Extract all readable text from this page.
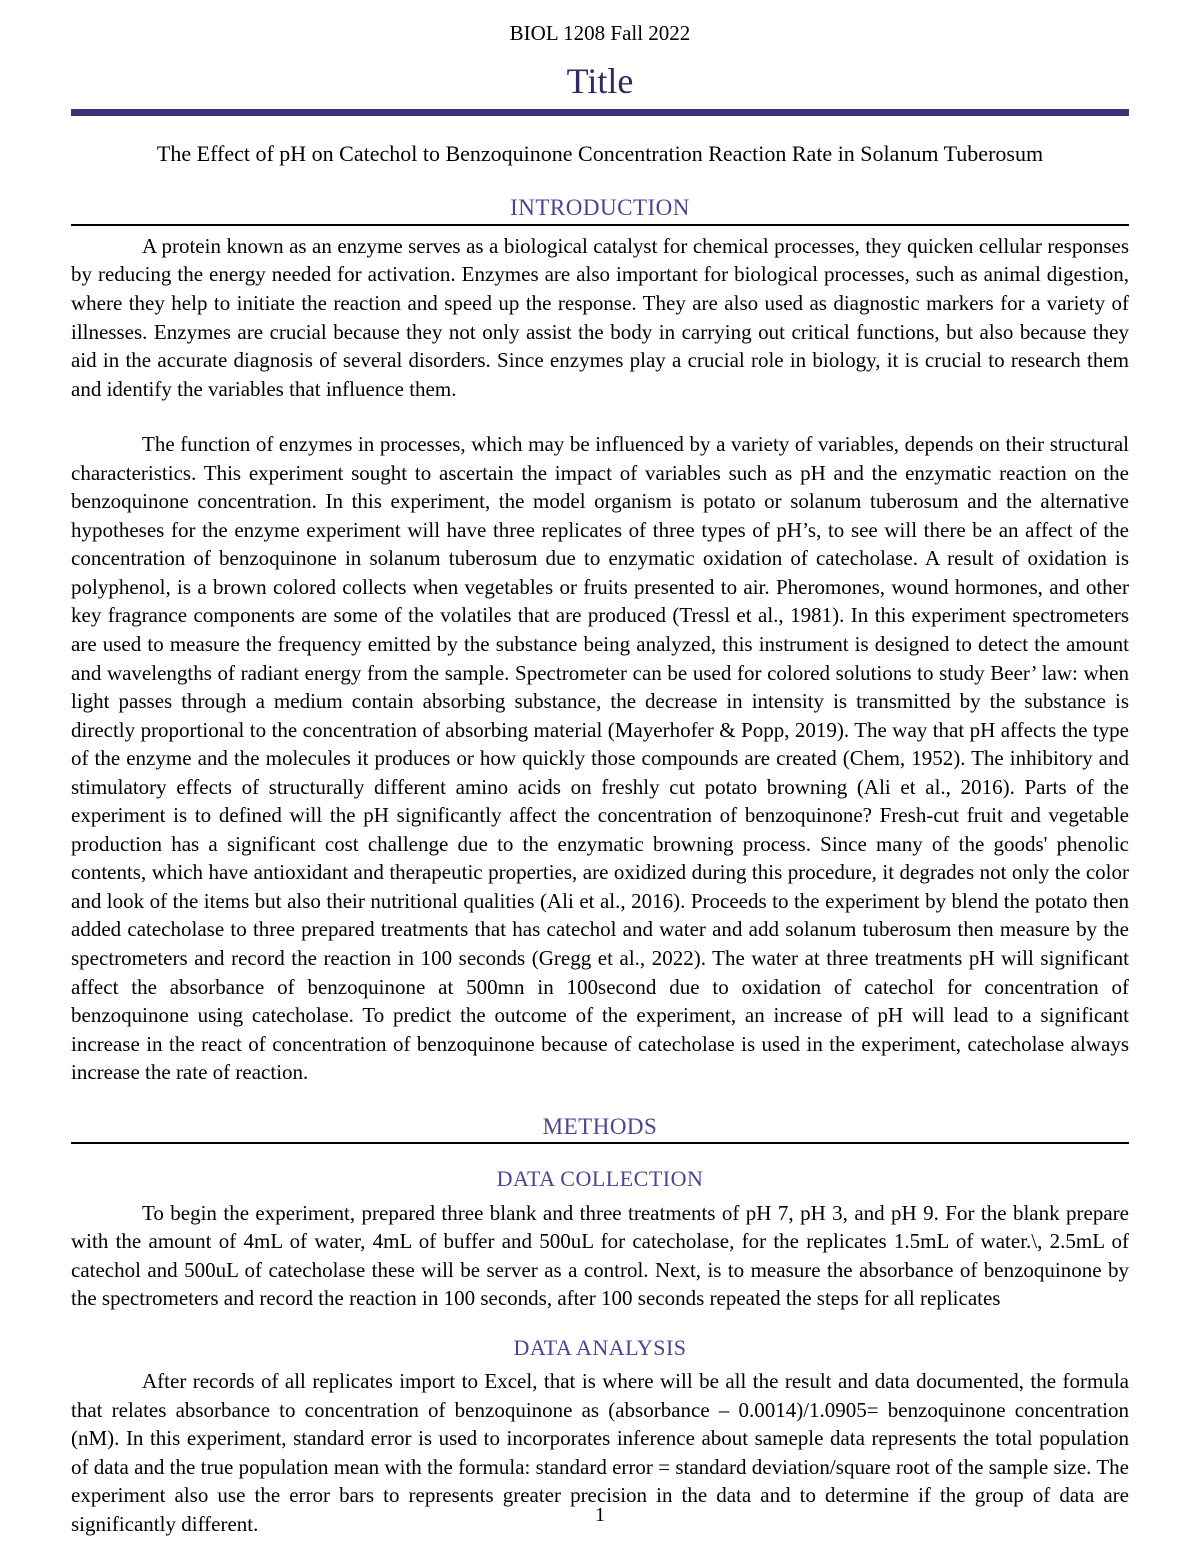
BIOL 1208 Fall 2022
Title
The Effect of pH on Catechol to Benzoquinone Concentration Reaction Rate in Solanum Tuberosum
INTRODUCTION

A protein known as an enzyme serves as a biological catalyst for chemical processes, they quicken cellular responses by reducing the energy needed for activation. Enzymes are also important for biological processes, such as animal digestion, where they help to initiate the reaction and speed up the response. They are also used as diagnostic markers for a variety of illnesses. Enzymes are crucial because they not only assist the body in carrying out critical functions, but also because they aid in the accurate diagnosis of several disorders. Since enzymes play a crucial role in biology, it is crucial to research them and identify the variables that influence them.

The function of enzymes in processes, which may be influenced by a variety of variables, depends on their structural characteristics. This experiment sought to ascertain the impact of variables such as pH and the enzymatic reaction on the benzoquinone concentration. In this experiment, the model organism is potato or solanum tuberosum and the alternative hypotheses for the enzyme experiment will have three replicates of three types of pH’s, to see will there be an affect of the concentration of benzoquinone in solanum tuberosum due to enzymatic oxidation of catecholase. A result of oxidation is polyphenol, is a brown colored collects when vegetables or fruits presented to air. Pheromones, wound hormones, and other key fragrance components are some of the volatiles that are produced (Tressl et al., 1981). In this experiment spectrometers are used to measure the frequency emitted by the substance being analyzed, this instrument is designed to detect the amount and wavelengths of radiant energy from the sample. Spectrometer can be used for colored solutions to study Beer’ law: when light passes through a medium contain absorbing substance, the decrease in intensity is transmitted by the substance is directly proportional to the concentration of absorbing material (Mayerhofer & Popp, 2019). The way that pH affects the type of the enzyme and the molecules it produces or how quickly those compounds are created (Chem, 1952). The inhibitory and stimulatory effects of structurally different amino acids on freshly cut potato browning (Ali et al., 2016). Parts of the experiment is to defined will the pH significantly affect the concentration of benzoquinone? Fresh-cut fruit and vegetable production has a significant cost challenge due to the enzymatic browning process. Since many of the goods' phenolic contents, which have antioxidant and therapeutic properties, are oxidized during this procedure, it degrades not only the color and look of the items but also their nutritional qualities (Ali et al., 2016). Proceeds to the experiment by blend the potato then added catecholase to three prepared treatments that has catechol and water and add solanum tuberosum then measure by the spectrometers and record the reaction in 100 seconds (Gregg et al., 2022). The water at three treatments pH will significant affect the absorbance of benzoquinone at 500mn in 100second due to oxidation of catechol for concentration of benzoquinone using catecholase. To predict the outcome of the experiment, an increase of pH will lead to a significant increase in the react of concentration of benzoquinone because of catecholase is used in the experiment, catecholase always increase the rate of reaction.

METHODS
DATA COLLECTION

To begin the experiment, prepared three blank and three treatments of pH 7, pH 3, and pH 9. For the blank prepare with the amount of 4mL of water, 4mL of buffer and 500uL for catecholase, for the replicates 1.5mL of water.\, 2.5mL of catechol and 500uL of catecholase these will be server as a control. Next, is to measure the absorbance of benzoquinone by the spectrometers and record the reaction in 100 seconds, after 100 seconds repeated the steps for all replicates

DATA ANALYSIS

After records of all replicates import to Excel, that is where will be all the result and data documented, the formula that relates absorbance to concentration of benzoquinone as (absorbance – 0.0014)/1.0905= benzoquinone concentration (nM). In this experiment, standard error is used to incorporates inference about sameple data represents the total population of data and the true population mean with the formula: standard error = standard deviation/square root of the sample size. The experiment also use the error bars to represents greater precision in the data and to determine if the group of data are significantly different.	1
